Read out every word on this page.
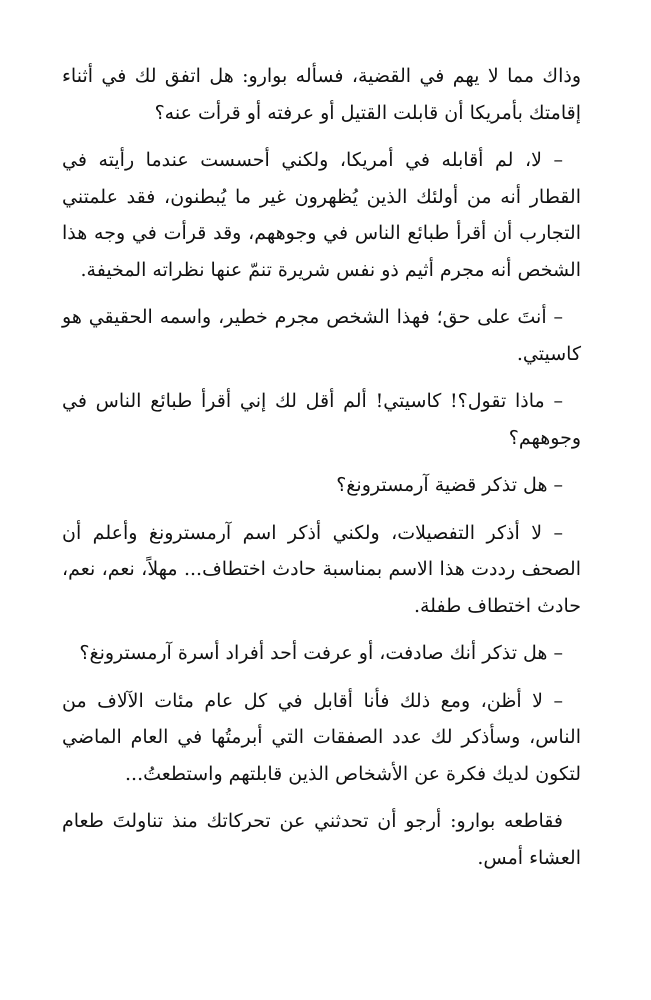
وذاك مما لا يهم في القضية، فسأله بوارو: هل اتفق لك في أثناء إقامتك بأمريكا أن قابلت القتيل أو عرفته أو قرأت عنه؟

– لا، لم أقابله في أمريكا، ولكني أحسست عندما رأيته في القطار أنه من أولئك الذين يُظهرون غير ما يُبطنون، فقد علمتني التجارب أن أقرأ طبائع الناس في وجوههم، وقد قرأت في وجه هذا الشخص أنه مجرم أثيم ذو نفس شريرة تنمّ عنها نظراته المخيفة.

– أنتَ على حق؛ فهذا الشخص مجرم خطير، واسمه الحقيقي هو كاسيتي.

– ماذا تقول؟! كاسيتي! ألم أقل لك إني أقرأ طبائع الناس في وجوههم؟

– هل تذكر قضية آرمسترونغ؟

– لا أذكر التفصيلات، ولكني أذكر اسم آرمسترونغ وأعلم أن الصحف رددت هذا الاسم بمناسبة حادث اختطاف... مهلاً، نعم، نعم، حادث اختطاف طفلة.

– هل تذكر أنك صادفت، أو عرفت أحد أفراد أسرة آرمسترونغ؟

– لا أظن، ومع ذلك فأنا أقابل في كل عام مئات الآلاف من الناس، وسأذكر لك عدد الصفقات التي أبرمتُها في العام الماضي لتكون لديك فكرة عن الأشخاص الذين قابلتهم واستطعتُ...

فقاطعه بوارو: أرجو أن تحدثني عن تحركاتك منذ تناولتَ طعام العشاء أمس.
